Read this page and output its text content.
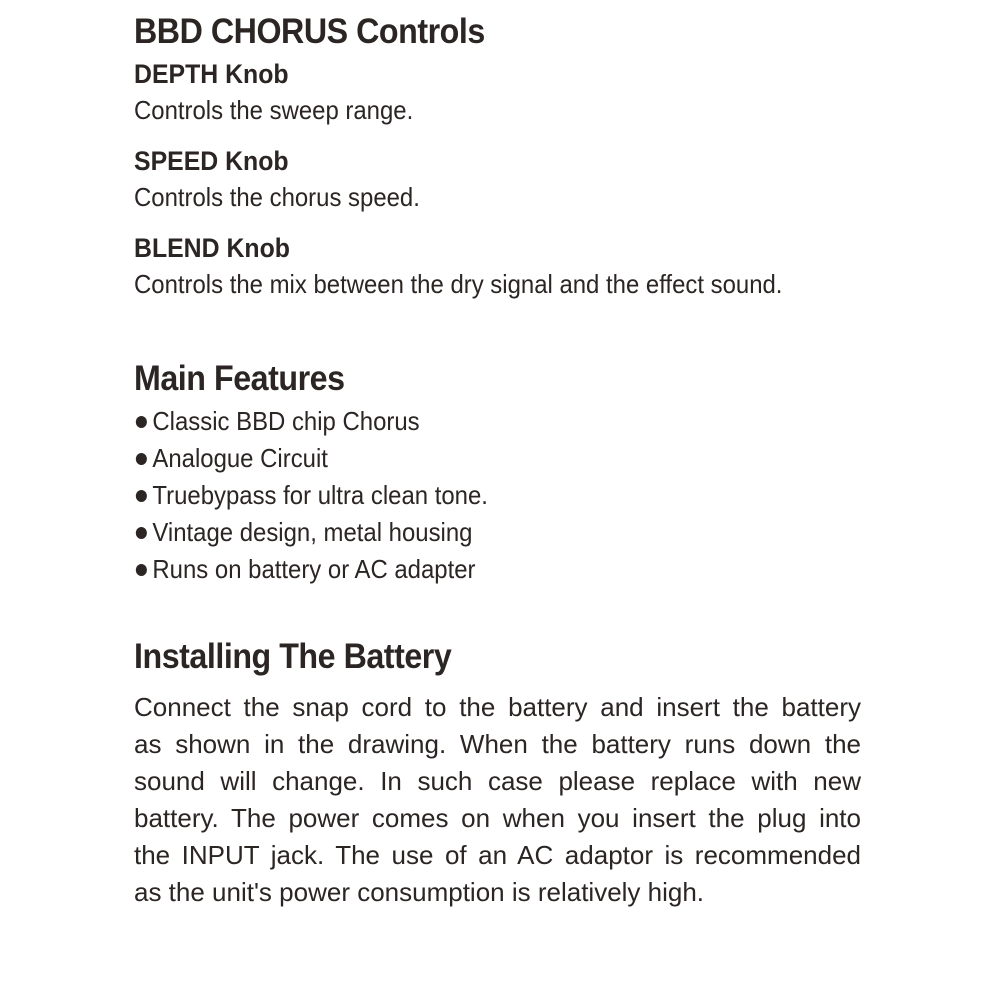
BBD CHORUS Controls
DEPTH Knob
Controls the sweep range.
SPEED Knob
Controls the chorus speed.
BLEND Knob
Controls the mix between the dry signal and the effect sound.
Main Features
Classic BBD chip Chorus
Analogue Circuit
Truebypass for ultra clean tone.
Vintage design, metal housing
Runs on battery or AC adapter
Installing The Battery
Connect the snap cord to the battery and insert the battery
as shown in the drawing. When the battery runs down the
sound will change. In such case please replace with new
battery. The power comes on when you insert the plug into
the INPUT jack. The use of an AC adaptor is recommended
as the unit's power consumption is relatively high.
